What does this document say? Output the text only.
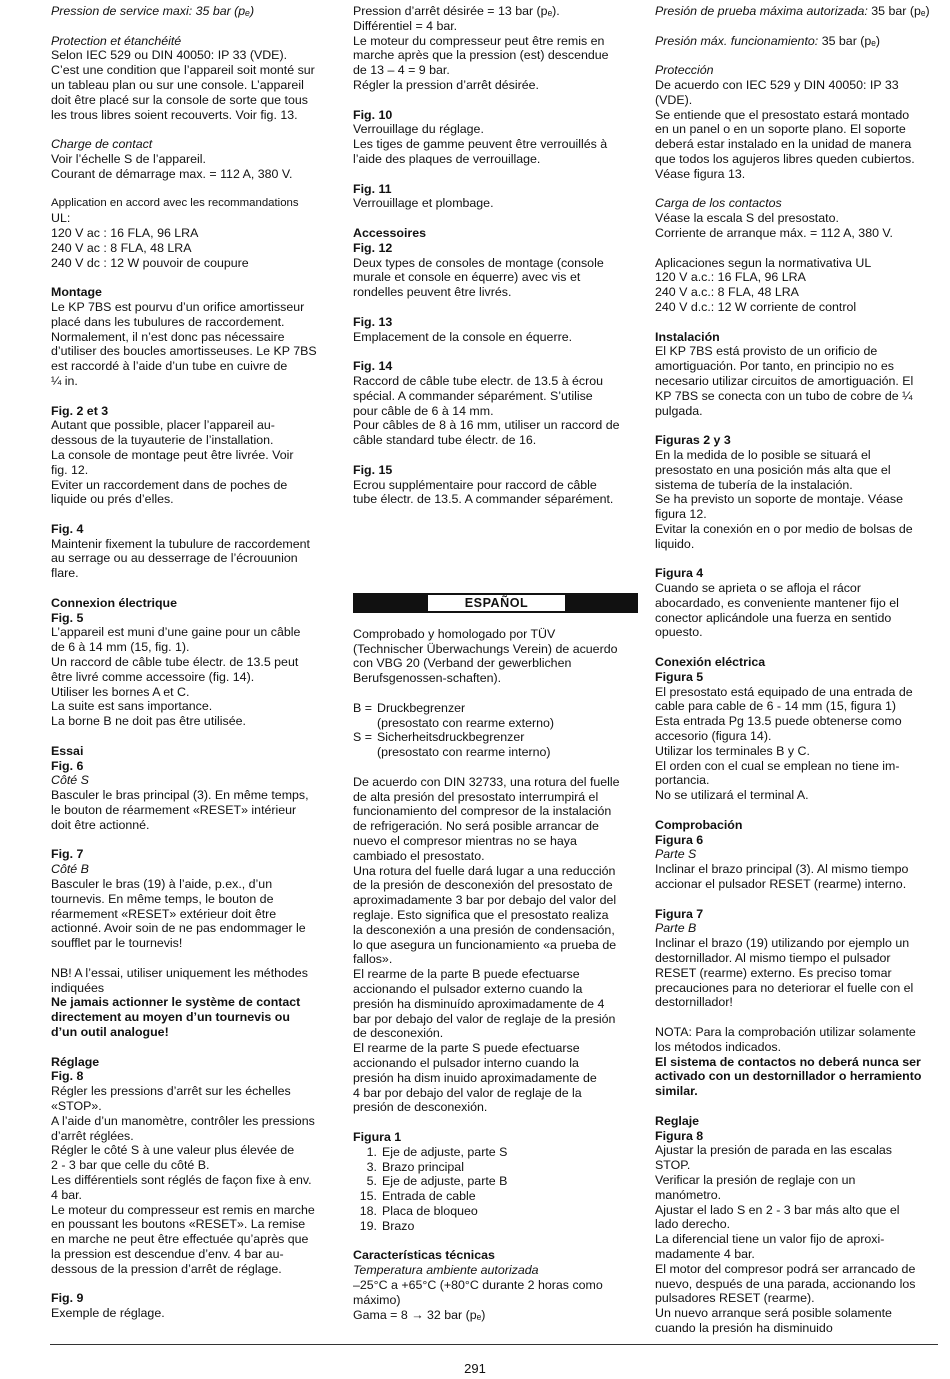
Pression de service maxi: 35 bar (pₑ)

Protection et étanchéité

Selon IEC 529 ou DIN 40050: IP 33 (VDE).

C’est une condition que l’appareil soit monté sur

un tableau plan ou sur une console. L’appareil

doit être placé sur la console de sorte que tous

les trous libres soient recouverts. Voir fig. 13.

Charge de contact

Voir l’échelle S de l’appareil.

Courant de démarrage max. = 112 A, 380 V.

Application en accord avec les recommandations

UL:

120 V ac : 16 FLA, 96 LRA

240 V ac : 8 FLA, 48 LRA

240 V dc : 12 W pouvoir de coupure

Montage

Le KP 7BS est pourvu d’un orifice amortisseur

placé dans les tubulures de raccordement.

Normalement, il n’est donc pas nécessaire

d’utiliser des boucles amortisseuses. Le KP 7BS

est raccordé à l’aide d’un tube en cuivre de

¼ in.

Fig. 2 et 3

Autant que possible, placer l’appareil au-

dessous de la tuyauterie de l’installation.

La console de montage peut être livrée. Voir

fig. 12.

Eviter un raccordement dans de poches de

liquide ou prés d’elles.

Fig. 4

Maintenir fixement la tubulure de raccordement

au serrage ou au desserrage de l’écrouunion

flare.

Connexion électrique

Fig. 5

L’appareil est muni d’une gaine pour un câble

de 6 à 14 mm (15, fig. 1).

Un raccord de câble tube électr. de 13.5 peut

être livré comme accessoire (fig. 14).

Utiliser les bornes A et C.

La suite est sans importance.

La borne B ne doit pas être utilisée.

Essai

Fig. 6

Côté S

Basculer le bras principal (3). En même temps,

le bouton de réarmement «RESET» intérieur

doit être actionné.

Fig. 7

Côté B

Basculer le bras (19) à l’aide, p.ex., d’un

tournevis. En même temps, le bouton de

réarmement «RESET» extérieur doit être

actionné. Avoir soin de ne pas endommager le

soufflet par le tournevis!

NB! A l’essai, utiliser uniquement les méthodes

indiquées

Ne jamais actionner le système de contact

directement au moyen d’un tournevis ou

d’un outil analogue!

Réglage

Fig. 8

Régler les pressions d’arrêt sur les échelles

«STOP».

A l’aide d’un manomètre, contrôler les pressions

d’arrêt réglées.

Régler le côté S à une valeur plus élevée de

2 - 3 bar que celle du côté B.

Les différentiels sont réglés de façon fixe à env.

4 bar.

Le moteur du compresseur est remis en marche

en poussant les boutons «RESET». La remise

en marche ne peut être effectuée qu’après que

la pression est descendue d’env. 4 bar au-

dessous de la pression d’arrêt de réglage.

Fig. 9

Exemple de réglage.

Pression d’arrêt désirée = 13 bar (pₑ).

Différentiel = 4 bar.

Le moteur du compresseur peut être remis en

marche après que la pression (est) descendue

de 13 – 4 = 9 bar.

Régler la pression d’arrêt désirée.

Fig. 10

Verrouillage du réglage.

Les tiges de gamme peuvent être verrouillés à

l’aide des plaques de verrouillage.

Fig. 11

Verrouillage et plombage.

Accessoires

Fig. 12

Deux types de consoles de montage (console

murale et console en équerre) avec vis et

rondelles peuvent être livrés.

Fig. 13

Emplacement de la console en équerre.

Fig. 14

Raccord de câble tube electr. de 13.5 à écrou

spécial. A commander séparément. S’utilise

pour câble de 6 à 14 mm.

Pour câbles de 8 à 16 mm, utiliser un raccord de

câble standard tube électr. de 16.

Fig. 15

Ecrou supplémentaire pour raccord de câble

tube électr. de 13.5. A commander séparément.

ESPAÑOL

Comprobado y homologado por TÜV

(Technischer Überwachungs Verein) de acuerdo

con VBG 20 (Verband der gewerblichen

Berufsgenossen-schaften).

B = Druckbegrenzer
(presostato con rearme externo)
S = Sicherheitsdruckbegrenzer
(presostato con rearme interno)

De acuerdo con DIN 32733, una rotura del fuelle

de alta presión del presostato interrumpirá el

funcionamiento del compresor de la instalación

de refrigeración. No será posible arrancar de

nuevo el compresor mientras no se haya

cambiado el presostato.

Una rotura del fuelle dará lugar a una reducción

de la presión de desconexión del presostato de

aproximadamente 3 bar por debajo del valor del

reglaje. Esto significa que el presostato realiza

la desconexión a una presión de condensación,

lo que asegura un funcionamiento «a prueba de

fallos».

El rearme de la parte B puede efectuarse

accionando el pulsador externo cuando la

presión ha disminuído aproximadamente de 4

bar por debajo del valor de reglaje de la presión

de desconexión.

El rearme de la parte S puede efectuarse

accionando el pulsador interno cuando la

presión ha dism inuido aproximadamente de

4 bar por debajo del valor de reglaje de la

presión de desconexión.

Figura 1

1. Eje de adjuste, parte S
3. Brazo principal
5. Eje de adjuste, parte B
15. Entrada de cable
18. Placa de bloqueo
19. Brazo

Características técnicas

Temperatura ambiente autorizada

–25°C a +65°C (+80°C durante 2 horas como

máximo)

Gama = 8 → 32 bar (pₑ)

Presión de prueba máxima autorizada: 35 bar (pₑ)

Presión máx. funcionamiento: 35 bar (pₑ)

Protección

De acuerdo con IEC 529 y DIN 40050: IP 33

(VDE).

Se entiende que el presostato estará montado

en un panel o en un soporte plano. El soporte

deberá estar instalado en la unidad de manera

que todos los agujeros libres queden cubiertos.

Véase figura 13.

Carga de los contactos

Véase la escala S del presostato.

Corriente de arranque máx. = 112 A, 380 V.

Aplicaciones segun la normativativa UL

120 V a.c.: 16 FLA, 96 LRA

240 V a.c.: 8 FLA, 48 LRA

240 V d.c.: 12 W corriente de control

Instalación

El KP 7BS está provisto de un orificio de

amortiguación. Por tanto, en principio no es

necesario utilizar circuitos de amortiguación. El

KP 7BS se conecta con un tubo de cobre de ¼

pulgada.

Figuras 2 y 3

En la medida de lo posible se situará el

presostato en una posición más alta que el

sistema de tubería de la instalación.

Se ha previsto un soporte de montaje. Véase

figura 12.

Evitar la conexión en o por medio de bolsas de

liquido.

Figura 4

Cuando se aprieta o se afloja el rácor

abocardado, es conveniente mantener fijo el

conector aplicándole una fuerza en sentido

opuesto.

Conexión eléctrica

Figura 5

El presostato está equipado de una entrada de

cable para cable de 6 - 14 mm (15, figura 1)

Esta entrada Pg 13.5 puede obtenerse como

accesorio (figura 14).

Utilizar los terminales B y C.

El orden con el cual se emplean no tiene im-

portancia.

No se utilizará el terminal A.

Comprobación

Figura 6

Parte S

Inclinar el brazo principal (3). Al mismo tiempo

accionar el pulsador RESET (rearme) interno.

Figura 7

Parte B

Inclinar el brazo (19) utilizando por ejemplo un

destornillador. Al mismo tiempo el pulsador

RESET (rearme) externo. Es preciso tomar

precauciones para no deteriorar el fuelle con el

destornillador!

NOTA: Para la comprobación utilizar solamente

los métodos indicados.

El sistema de contactos no deberá nunca ser

activado con un destornillador o herramiento

similar.

Reglaje

Figura 8

Ajustar la presión de parada en las escalas

STOP.

Verificar la presión de reglaje con un

manómetro.

Ajustar el lado S en 2 - 3 bar más alto que el

lado derecho.

La diferencial tiene un valor fijo de aproxi-

madamente 4 bar.

El motor del compresor podrá ser arrancado de

nuevo, después de una parada, accionando los

pulsadores RESET (rearme).

Un nuevo arranque será posible solamente

cuando la presión ha disminuido

291
